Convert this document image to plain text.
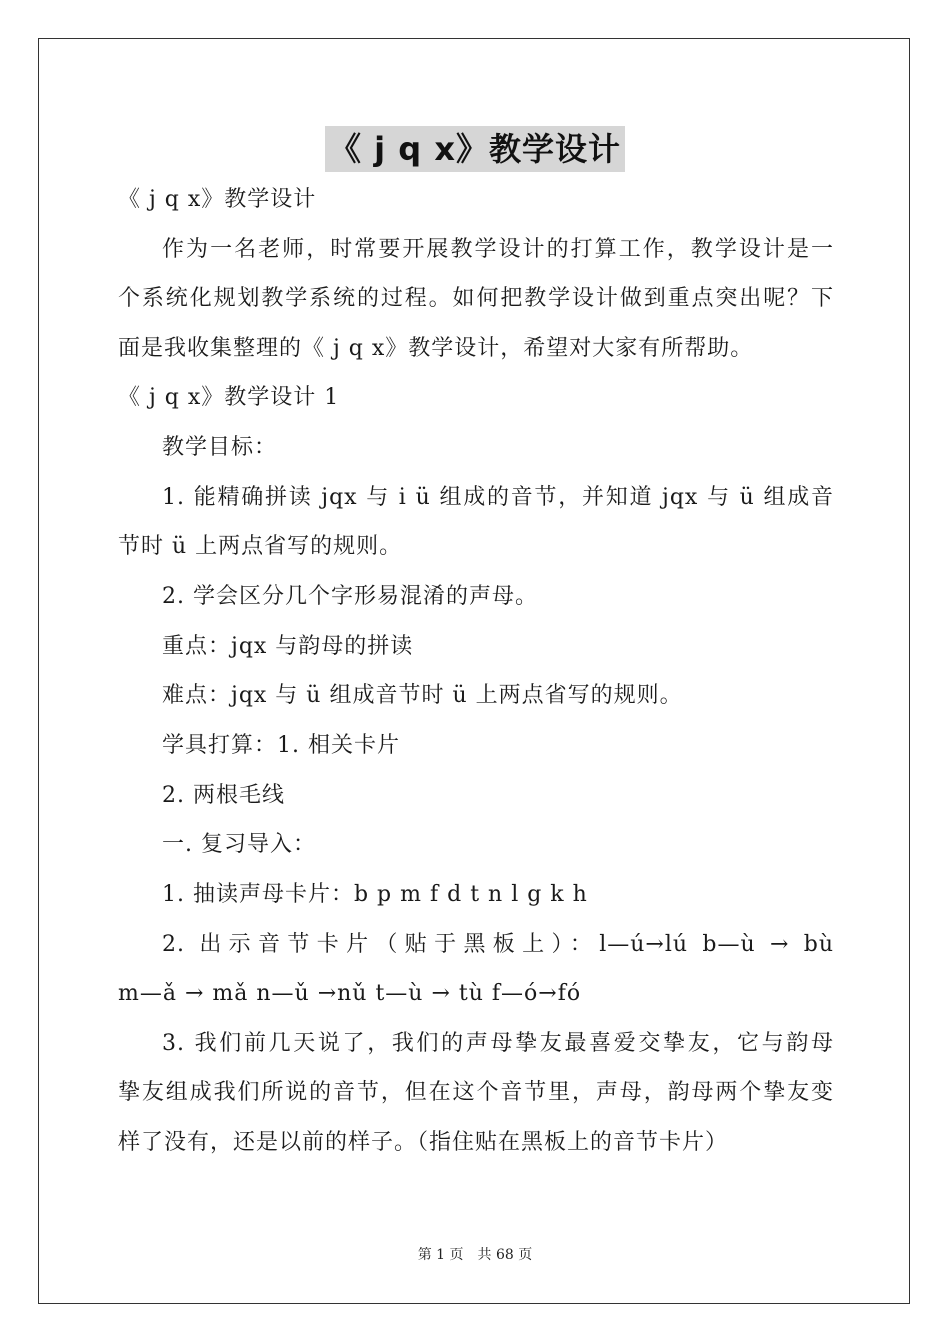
《 j q x》教学设计
《 j q x》教学设计
作为一名老师，时常要开展教学设计的打算工作，教学设计是一
个系统化规划教学系统的过程。如何把教学设计做到重点突出呢？下
面是我收集整理的《 j q x》教学设计，希望对大家有所帮助。
《 j q x》教学设计 1
教学目标：
1. 能精确拼读 jqx 与 i ü 组成的音节，并知道 jqx 与 ü 组成音
节时 ü 上两点省写的规则。
2. 学会区分几个字形易混淆的声母。
重点：jqx 与韵母的拼读
难点：jqx 与 ü 组成音节时 ü 上两点省写的规则。
学具打算：1. 相关卡片
2. 两根毛线
一. 复习导入：
1. 抽读声母卡片：b p m f d t n l g k h
2. 出示音节卡片（贴于黑板上）：l—ú→lú b—ù → bù
m—ǎ → mǎ n—ǔ →nǔ t—ù → tù f—ó→fó
3. 我们前几天说了，我们的声母挚友最喜爱交挚友，它与韵母
挚友组成我们所说的音节，但在这个音节里，声母，韵母两个挚友变
样了没有，还是以前的样子。（指住贴在黑板上的音节卡片）
第 1 页　共 68 页
